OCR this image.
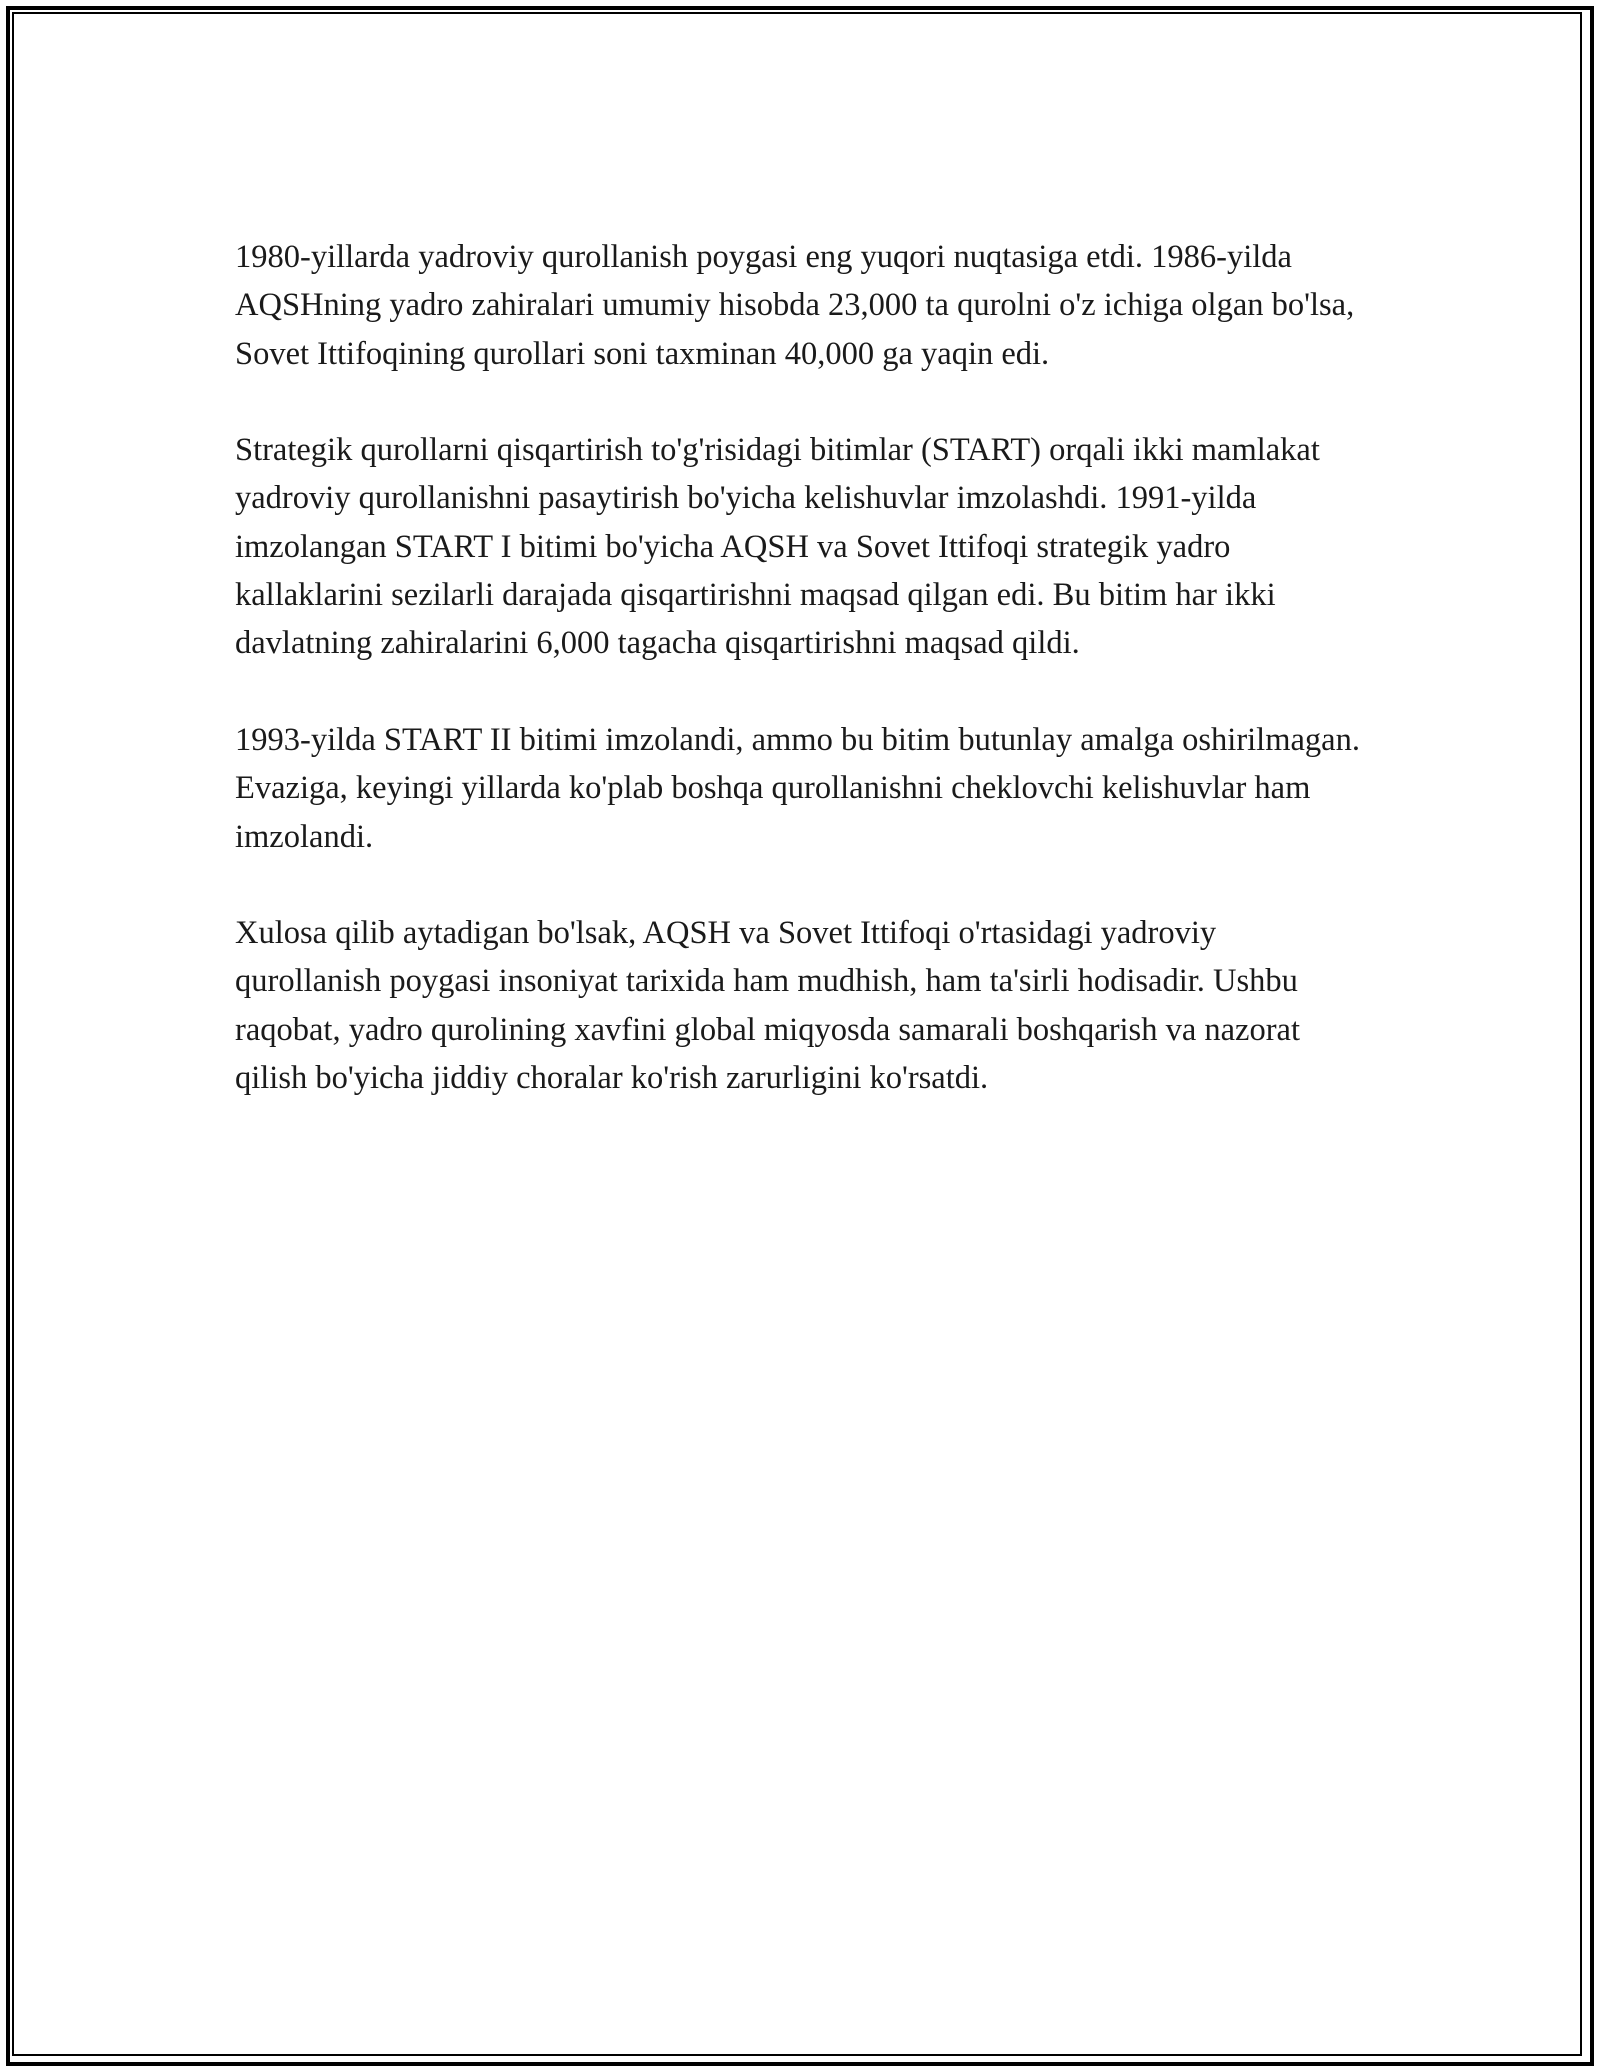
1980-yillarda yadroviy qurollanish poygasi eng yuqori nuqtasiga etdi. 1986-yilda AQSHning yadro zahiralari umumiy hisobda 23,000 ta qurolni o'z ichiga olgan bo'lsa, Sovet Ittifoqining qurollari soni taxminan 40,000 ga yaqin edi.

Strategik qurollarni qisqartirish to'g'risidagi bitimlar (START) orqali ikki mamlakat yadroviy qurollanishni pasaytirish bo'yicha kelishuvlar imzolashdi. 1991-yilda imzolangan START I bitimi bo'yicha AQSH va Sovet Ittifoqi strategik yadro kallaklarini sezilarli darajada qisqartirishni maqsad qilgan edi. Bu bitim har ikki davlatning zahiralarini 6,000 tagacha qisqartirishni maqsad qildi.

1993-yilda START II bitimi imzolandi, ammo bu bitim butunlay amalga oshirilmagan. Evaziga, keyingi yillarda ko'plab boshqa qurollanishni cheklovchi kelishuvlar ham imzolandi.

Xulosa qilib aytadigan bo'lsak, AQSH va Sovet Ittifoqi o'rtasidagi yadroviy qurollanish poygasi insoniyat tarixida ham mudhish, ham ta'sirli hodisadir. Ushbu raqobat, yadro qurolining xavfini global miqyosda samarali boshqarish va nazorat qilish bo'yicha jiddiy choralar ko'rish zarurligini ko'rsatdi.
